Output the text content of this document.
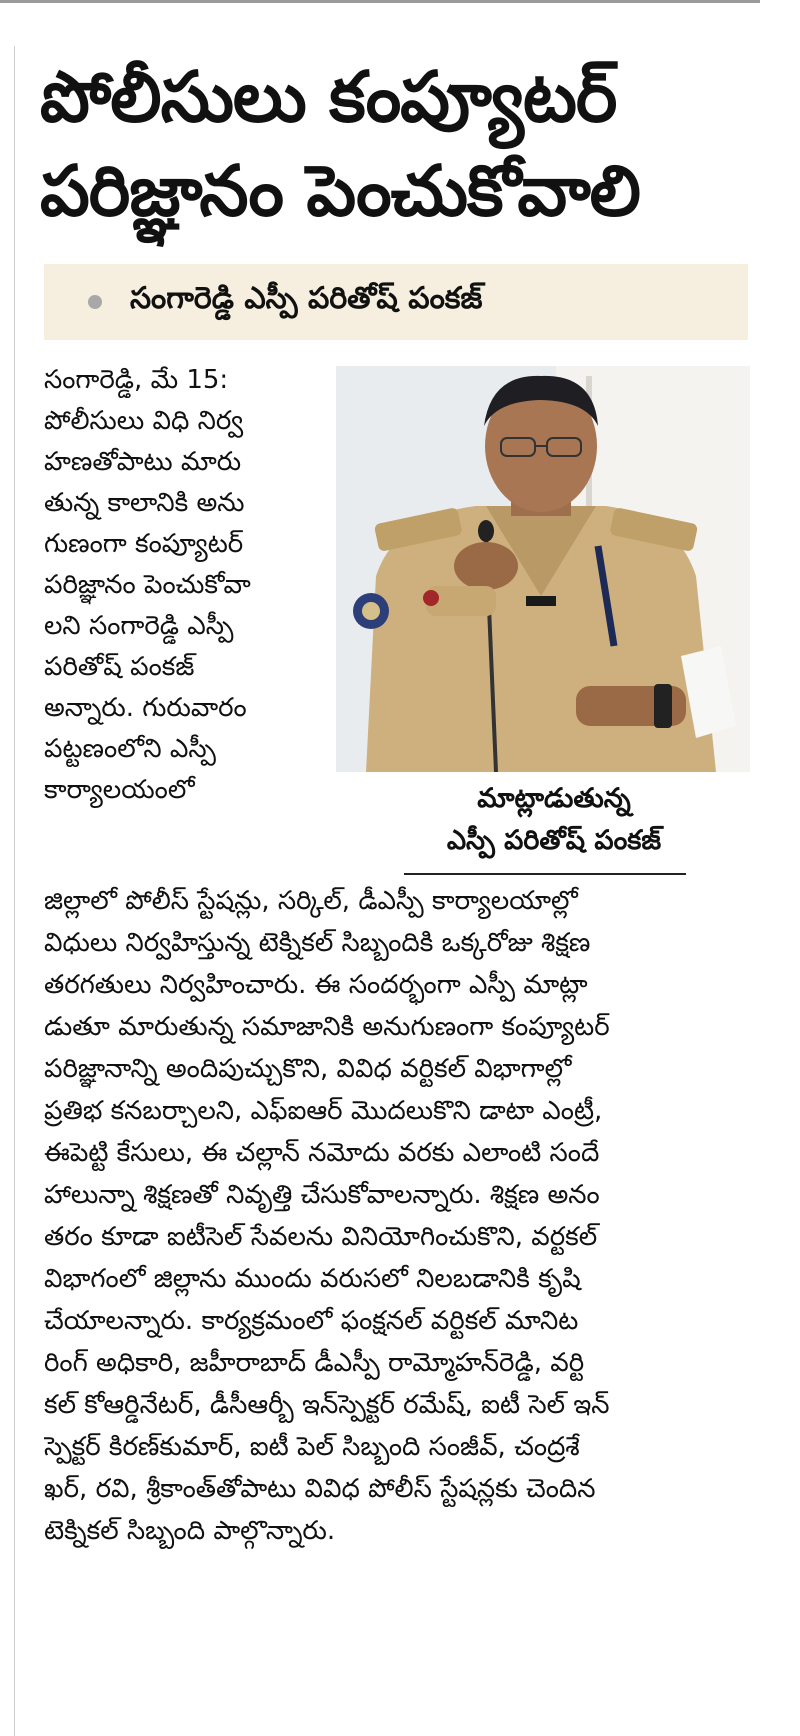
పోలీసులు కంప్యూటర్
పరిజ్ఞానం పెంచుకోవాలి
సంగారెడ్డి ఎస్పీ పరితోష్ పంకజ్
సంగారెడ్డి, మే 15:
పోలీసులు విధి నిర్వ
హణతోపాటు మారు
తున్న కాలానికి అను
గుణంగా కంప్యూటర్
పరిజ్ఞానం పెంచుకోవా
లని సంగారెడ్డి ఎస్పీ
పరితోష్ పంకజ్
అన్నారు. గురువారం
పట్టణంలోని ఎస్పీ
కార్యాలయంలో	మాట్లాడుతున్న
ఎస్పీ పరితోష్ పంకజ్
జిల్లాలో పోలీస్ స్టేషన్లు, సర్కిల్, డీఎస్పీ కార్యాలయాల్లో
విధులు నిర్వహిస్తున్న టెక్నికల్ సిబ్బందికి ఒక్కరోజు శిక్షణ
తరగతులు నిర్వహించారు. ఈ సందర్భంగా ఎస్పీ మాట్లా
డుతూ మారుతున్న సమాజానికి అనుగుణంగా కంప్యూటర్
పరిజ్ఞానాన్ని అందిపుచ్చుకొని, వివిధ వర్టికల్ విభాగాల్లో
ప్రతిభ కనబర్చాలని, ఎఫ్ఐఆర్ మొదలుకొని డాటా ఎంట్రీ,
ఈపెట్టి కేసులు, ఈ చల్లాన్ నమోదు వరకు ఎలాంటి సందే
హాలున్నా శిక్షణతో నివృత్తి చేసుకోవాలన్నారు. శిక్షణ అనం
తరం కూడా ఐటీసెల్ సేవలను వినియోగించుకొని, వర్టకల్
విభాగంలో జిల్లాను ముందు వరుసలో నిలబడానికి కృషి
చేయాలన్నారు. కార్యక్రమంలో ఫంక్షనల్ వర్టికల్ మానిట
రింగ్ అధికారి, జహీరాబాద్ డీఎస్పీ రామ్మోహన్‌రెడ్డి, వర్టి
కల్ కోఆర్డినేటర్, డీసీఆర్బీ ఇన్‌స్పెక్టర్ రమేష్, ఐటీ సెల్ ఇన్
స్పెక్టర్ కిరణ్‌కుమార్, ఐటీ పెల్ సిబ్బంది సంజీవ్, చంద్రశే
ఖర్, రవి, శ్రీకాంత్‌తోపాటు వివిధ పోలీస్ స్టేషన్లకు చెందిన
టెక్నికల్ సిబ్బంది పాల్గొన్నారు.
